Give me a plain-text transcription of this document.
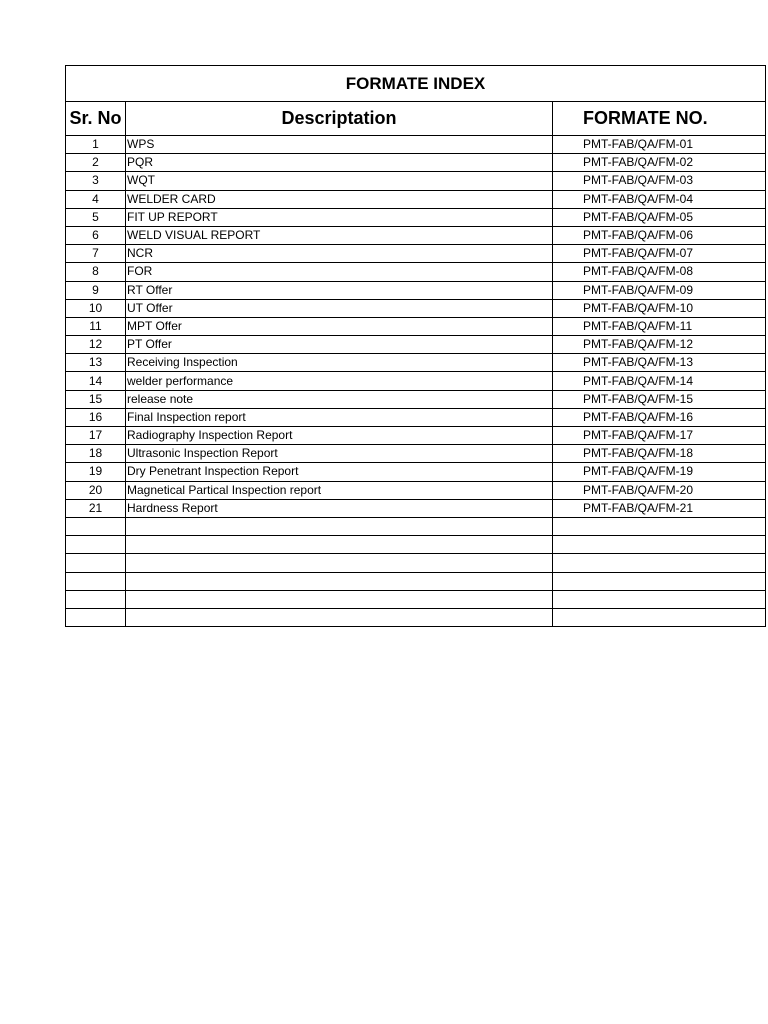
FORMATE INDEX		
Sr. No	Descriptation	FORMATE NO.
1	WPS	PMT-FAB/QA/FM-01
2	PQR	PMT-FAB/QA/FM-02
3	WQT	PMT-FAB/QA/FM-03
4	WELDER CARD	PMT-FAB/QA/FM-04
5	FIT UP REPORT	PMT-FAB/QA/FM-05
6	WELD VISUAL REPORT	PMT-FAB/QA/FM-06
7	NCR	PMT-FAB/QA/FM-07
8	FOR	PMT-FAB/QA/FM-08
9	RT Offer	PMT-FAB/QA/FM-09
10	UT Offer	PMT-FAB/QA/FM-10
11	MPT Offer	PMT-FAB/QA/FM-11
12	PT Offer	PMT-FAB/QA/FM-12
13	Receiving Inspection	PMT-FAB/QA/FM-13
14	welder performance	PMT-FAB/QA/FM-14
15	release note	PMT-FAB/QA/FM-15
16	Final Inspection report	PMT-FAB/QA/FM-16
17	Radiography Inspection Report	PMT-FAB/QA/FM-17
18	Ultrasonic Inspection Report	PMT-FAB/QA/FM-18
19	Dry Penetrant Inspection Report	PMT-FAB/QA/FM-19
20	Magnetical Partical Inspection report	PMT-FAB/QA/FM-20
21	Hardness Report	PMT-FAB/QA/FM-21
